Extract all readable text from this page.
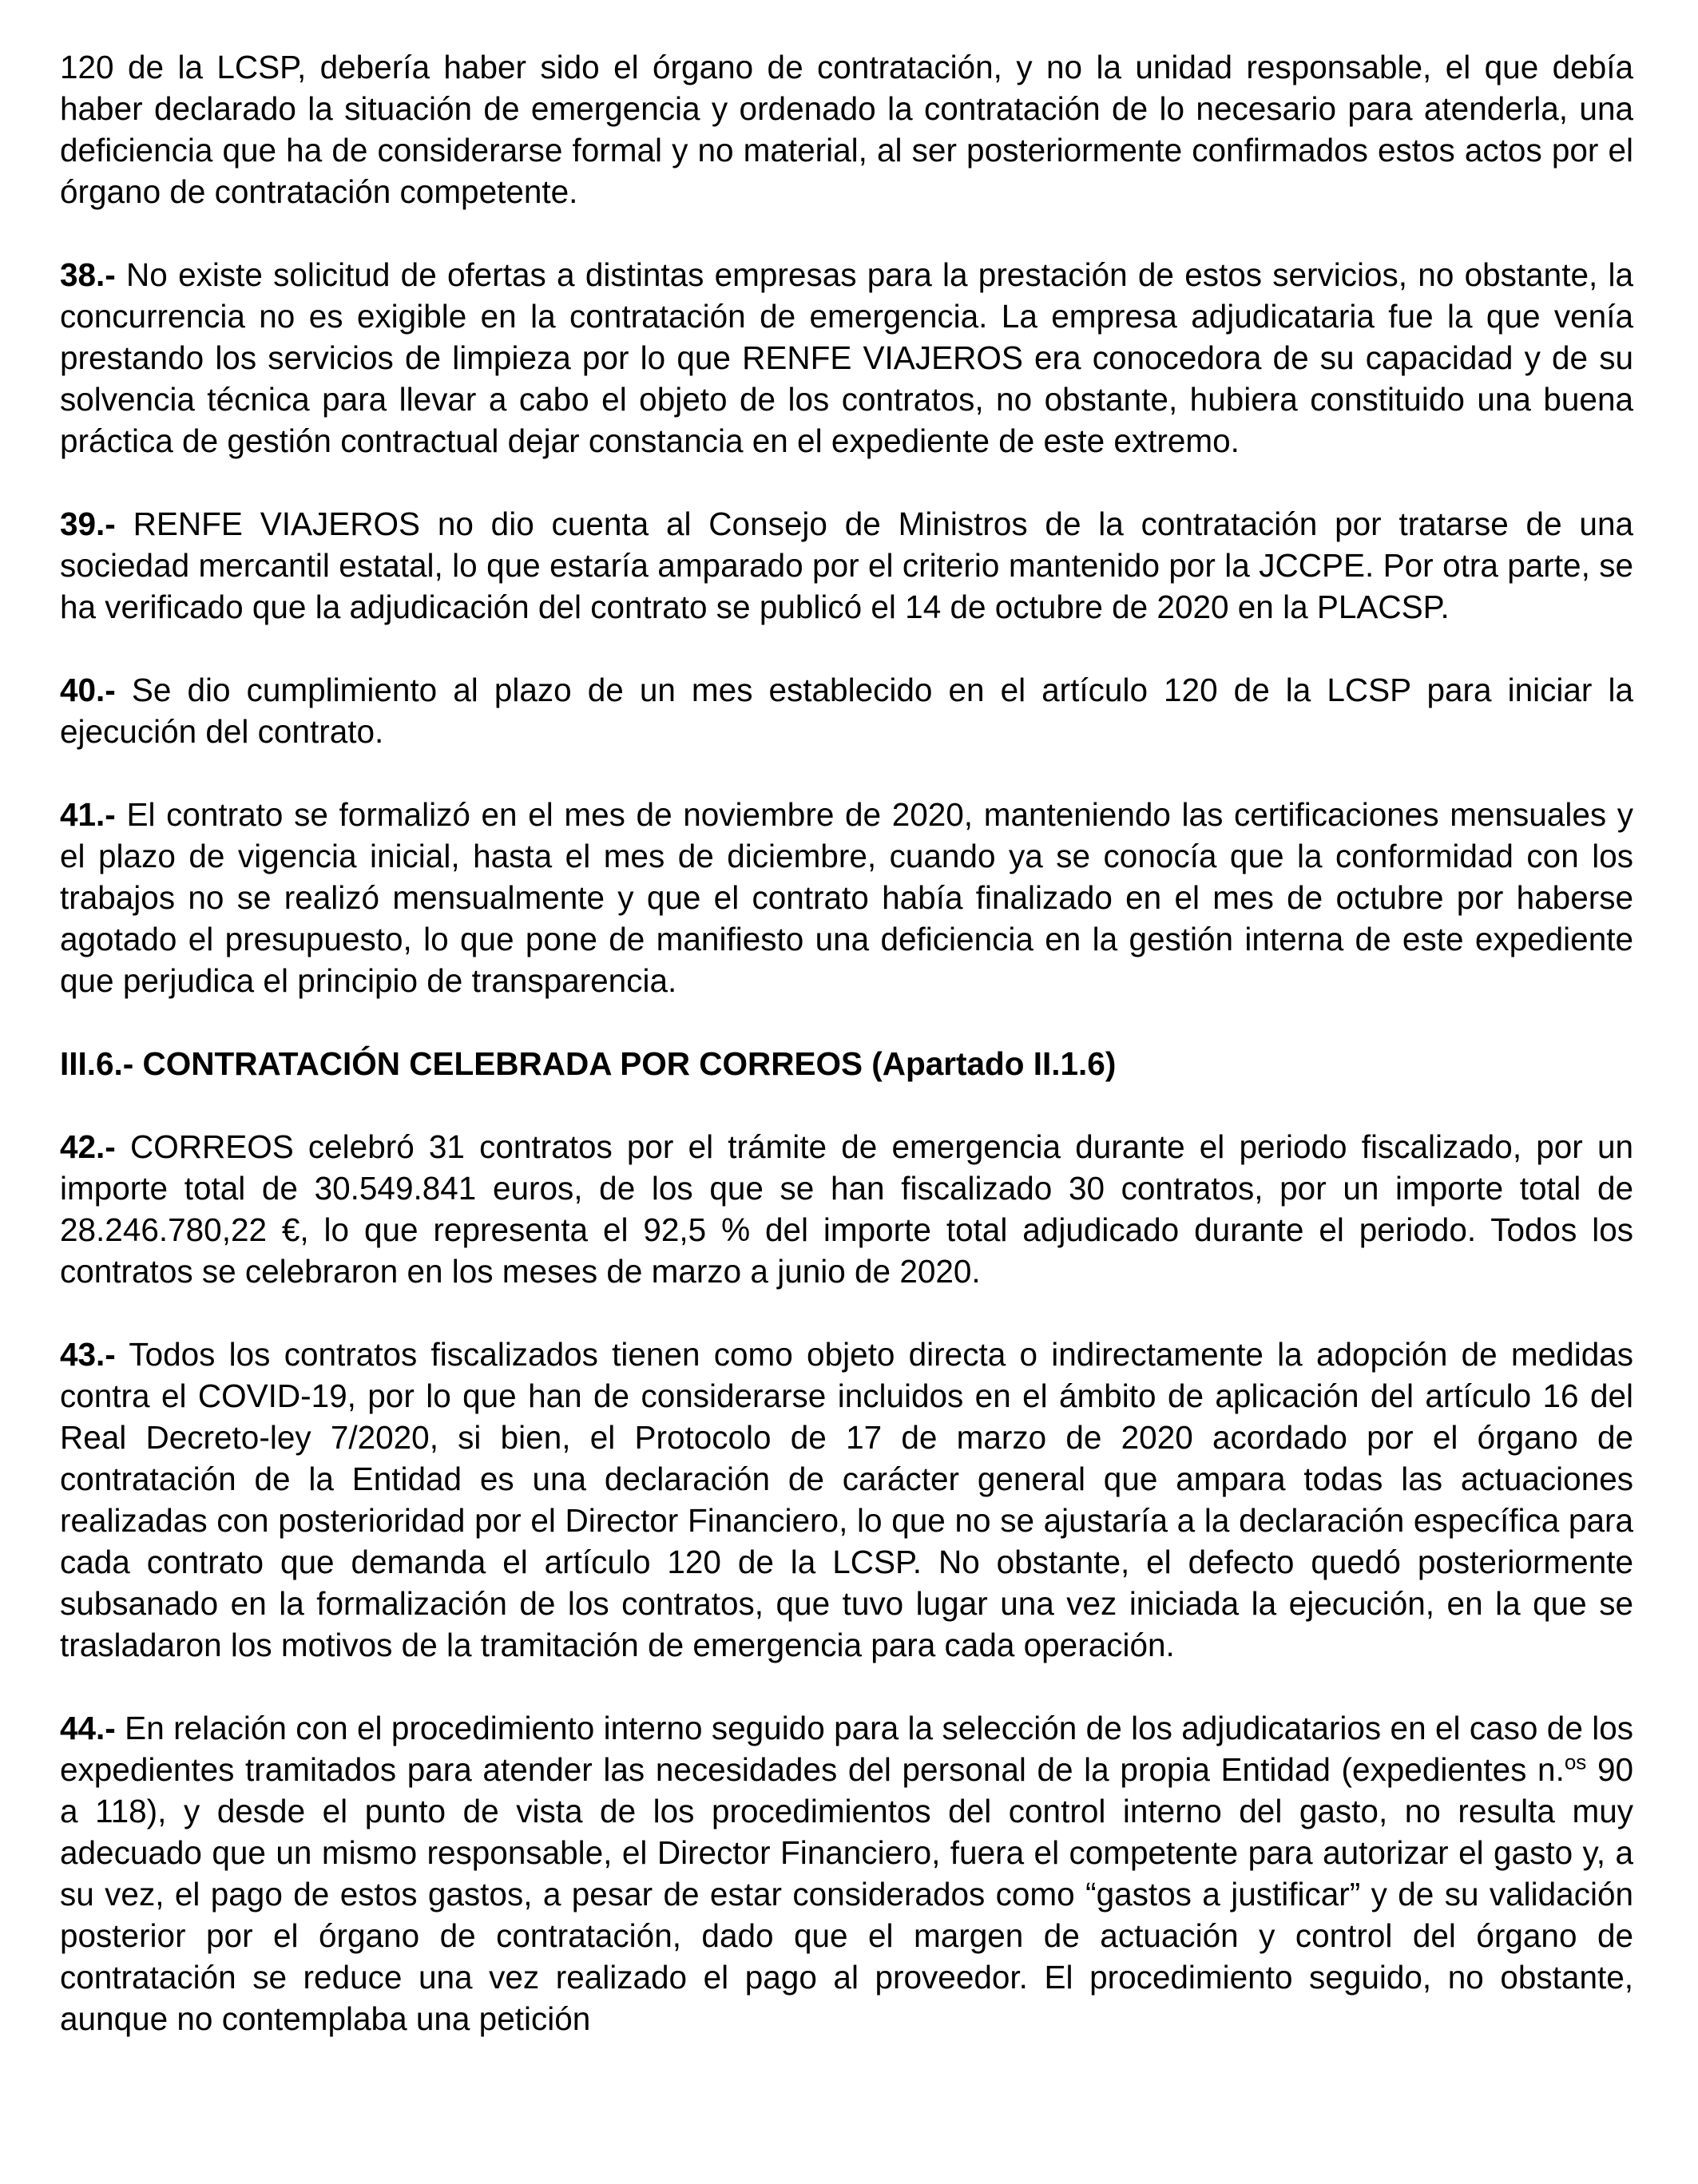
120 de la LCSP, debería haber sido el órgano de contratación, y no la unidad responsable, el que debía haber declarado la situación de emergencia y ordenado la contratación de lo necesario para atenderla, una deficiencia que ha de considerarse formal y no material, al ser posteriormente confirmados estos actos por el órgano de contratación competente.

38.- No existe solicitud de ofertas a distintas empresas para la prestación de estos servicios, no obstante, la concurrencia no es exigible en la contratación de emergencia. La empresa adjudicataria fue la que venía prestando los servicios de limpieza por lo que RENFE VIAJEROS era conocedora de su capacidad y de su solvencia técnica para llevar a cabo el objeto de los contratos, no obstante, hubiera constituido una buena práctica de gestión contractual dejar constancia en el expediente de este extremo.

39.- RENFE VIAJEROS no dio cuenta al Consejo de Ministros de la contratación por tratarse de una sociedad mercantil estatal, lo que estaría amparado por el criterio mantenido por la JCCPE. Por otra parte, se ha verificado que la adjudicación del contrato se publicó el 14 de octubre de 2020 en la PLACSP.

40.- Se dio cumplimiento al plazo de un mes establecido en el artículo 120 de la LCSP para iniciar la ejecución del contrato.

41.- El contrato se formalizó en el mes de noviembre de 2020, manteniendo las certificaciones mensuales y el plazo de vigencia inicial, hasta el mes de diciembre, cuando ya se conocía que la conformidad con los trabajos no se realizó mensualmente y que el contrato había finalizado en el mes de octubre por haberse agotado el presupuesto, lo que pone de manifiesto una deficiencia en la gestión interna de este expediente que perjudica el principio de transparencia.

III.6.- CONTRATACIÓN CELEBRADA POR CORREOS (Apartado II.1.6)

42.- CORREOS celebró 31 contratos por el trámite de emergencia durante el periodo fiscalizado, por un importe total de 30.549.841 euros, de los que se han fiscalizado 30 contratos, por un importe total de 28.246.780,22 €, lo que representa el 92,5 % del importe total adjudicado durante el periodo. Todos los contratos se celebraron en los meses de marzo a junio de 2020.

43.- Todos los contratos fiscalizados tienen como objeto directa o indirectamente la adopción de medidas contra el COVID-19, por lo que han de considerarse incluidos en el ámbito de aplicación del artículo 16 del Real Decreto-ley 7/2020, si bien, el Protocolo de 17 de marzo de 2020 acordado por el órgano de contratación de la Entidad es una declaración de carácter general que ampara todas las actuaciones realizadas con posterioridad por el Director Financiero, lo que no se ajustaría a la declaración específica para cada contrato que demanda el artículo 120 de la LCSP. No obstante, el defecto quedó posteriormente subsanado en la formalización de los contratos, que tuvo lugar una vez iniciada la ejecución, en la que se trasladaron los motivos de la tramitación de emergencia para cada operación.

44.- En relación con el procedimiento interno seguido para la selección de los adjudicatarios en el caso de los expedientes tramitados para atender las necesidades del personal de la propia Entidad (expedientes n.$^{os}$ 90 a 118), y desde el punto de vista de los procedimientos del control interno del gasto, no resulta muy adecuado que un mismo responsable, el Director Financiero, fuera el competente para autorizar el gasto y, a su vez, el pago de estos gastos, a pesar de estar considerados como “gastos a justificar” y de su validación posterior por el órgano de contratación, dado que el margen de actuación y control del órgano de contratación se reduce una vez realizado el pago al proveedor. El procedimiento seguido, no obstante, aunque no contemplaba una petición
